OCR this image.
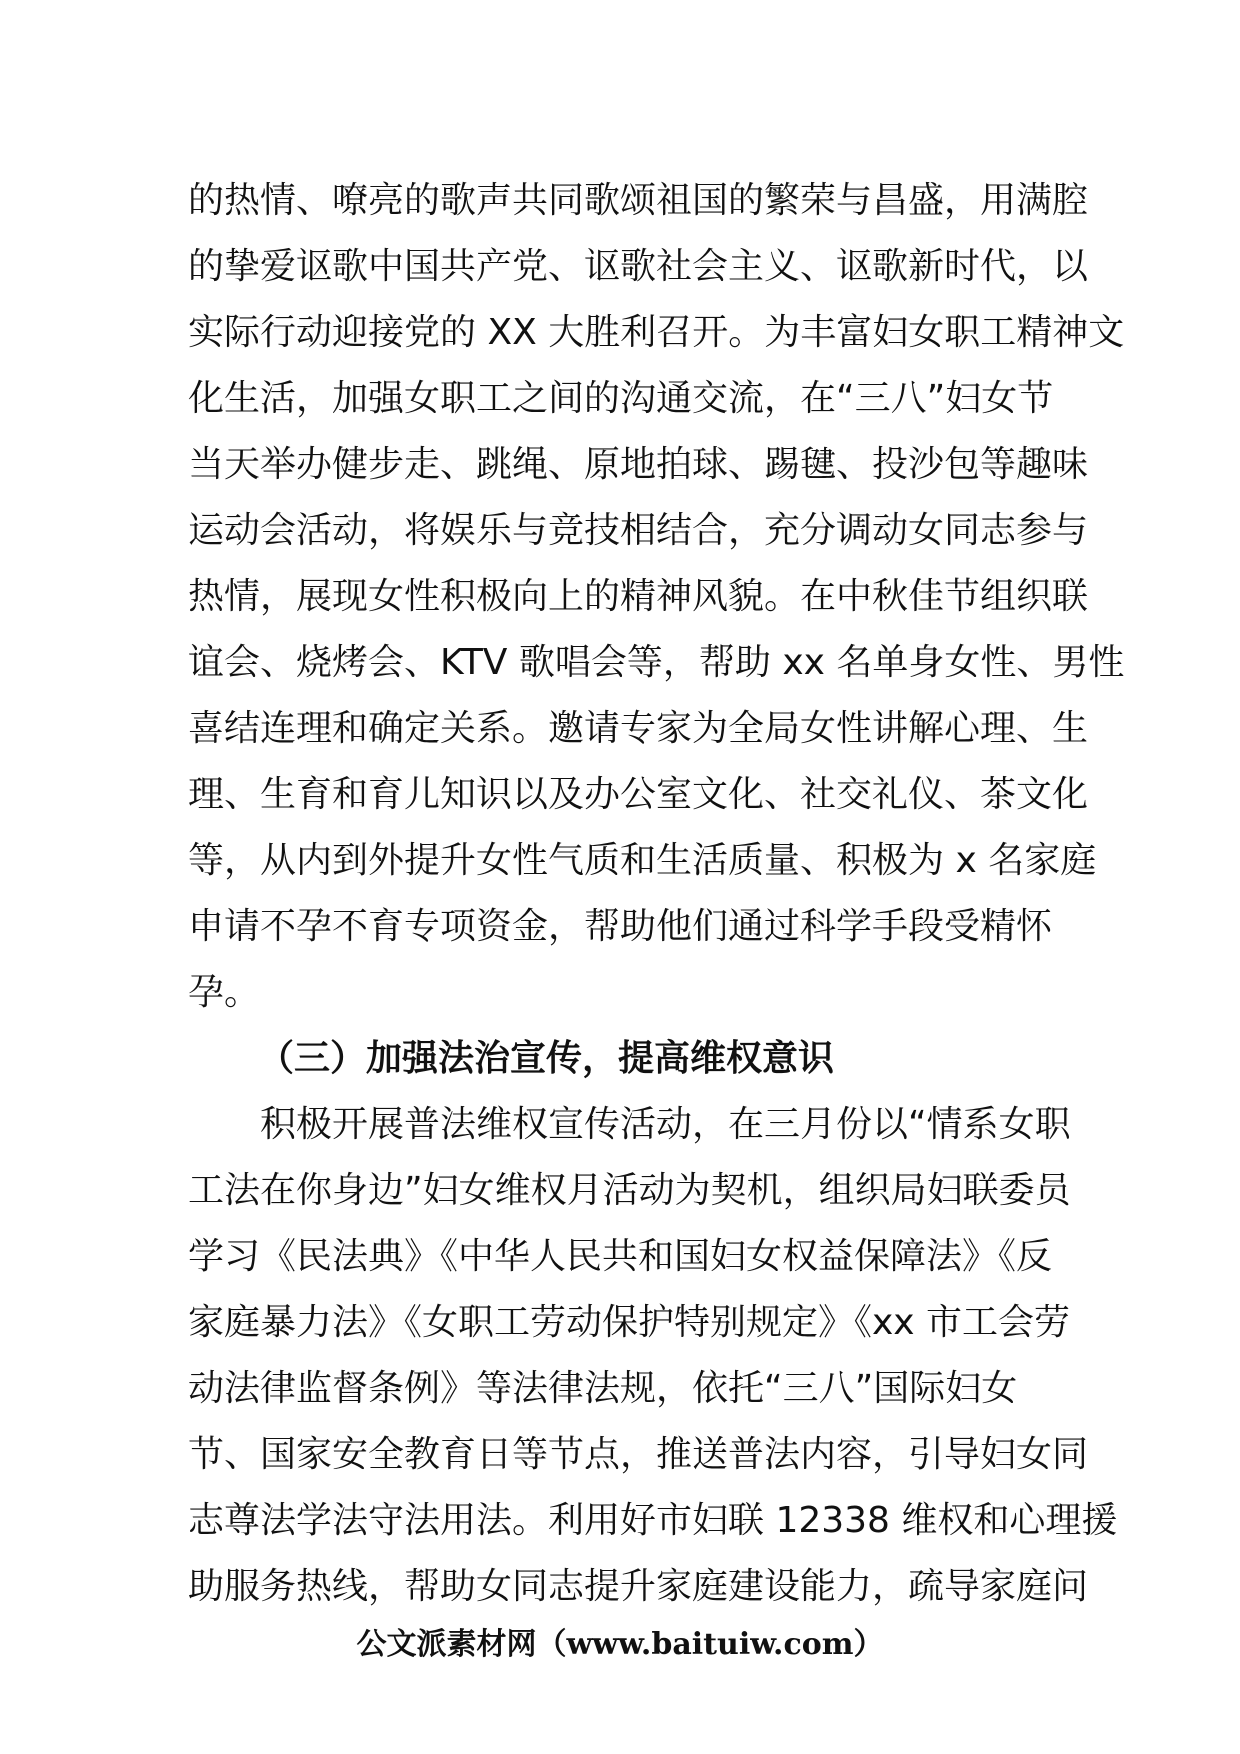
的热情、嘹亮的歌声共同歌颂祖国的繁荣与昌盛，用满腔
的挚爱讴歌中国共产党、讴歌社会主义、讴歌新时代，以
实际行动迎接党的 XX 大胜利召开。为丰富妇女职工精神文
化生活，加强女职工之间的沟通交流，在“三八”妇女节
当天举办健步走、跳绳、原地拍球、踢毽、投沙包等趣味
运动会活动，将娱乐与竞技相结合，充分调动女同志参与
热情，展现女性积极向上的精神风貌。在中秋佳节组织联
谊会、烧烤会、KTV 歌唱会等，帮助 xx 名单身女性、男性
喜结连理和确定关系。邀请专家为全局女性讲解心理、生
理、生育和育儿知识以及办公室文化、社交礼仪、茶文化
等，从内到外提升女性气质和生活质量、积极为 x 名家庭
申请不孕不育专项资金，帮助他们通过科学手段受精怀
孕。
（三）加强法治宣传，提高维权意识
积极开展普法维权宣传活动，在三月份以“情系女职
工法在你身边”妇女维权月活动为契机，组织局妇联委员
学习《民法典》《中华人民共和国妇女权益保障法》《反
家庭暴力法》《女职工劳动保护特别规定》《xx 市工会劳
动法律监督条例》等法律法规，依托“三八”国际妇女
节、国家安全教育日等节点，推送普法内容，引导妇女同
志尊法学法守法用法。利用好市妇联 12338 维权和心理援
助服务热线，帮助女同志提升家庭建设能力，疏导家庭问
公文派素材网（www.baituiw.com）
